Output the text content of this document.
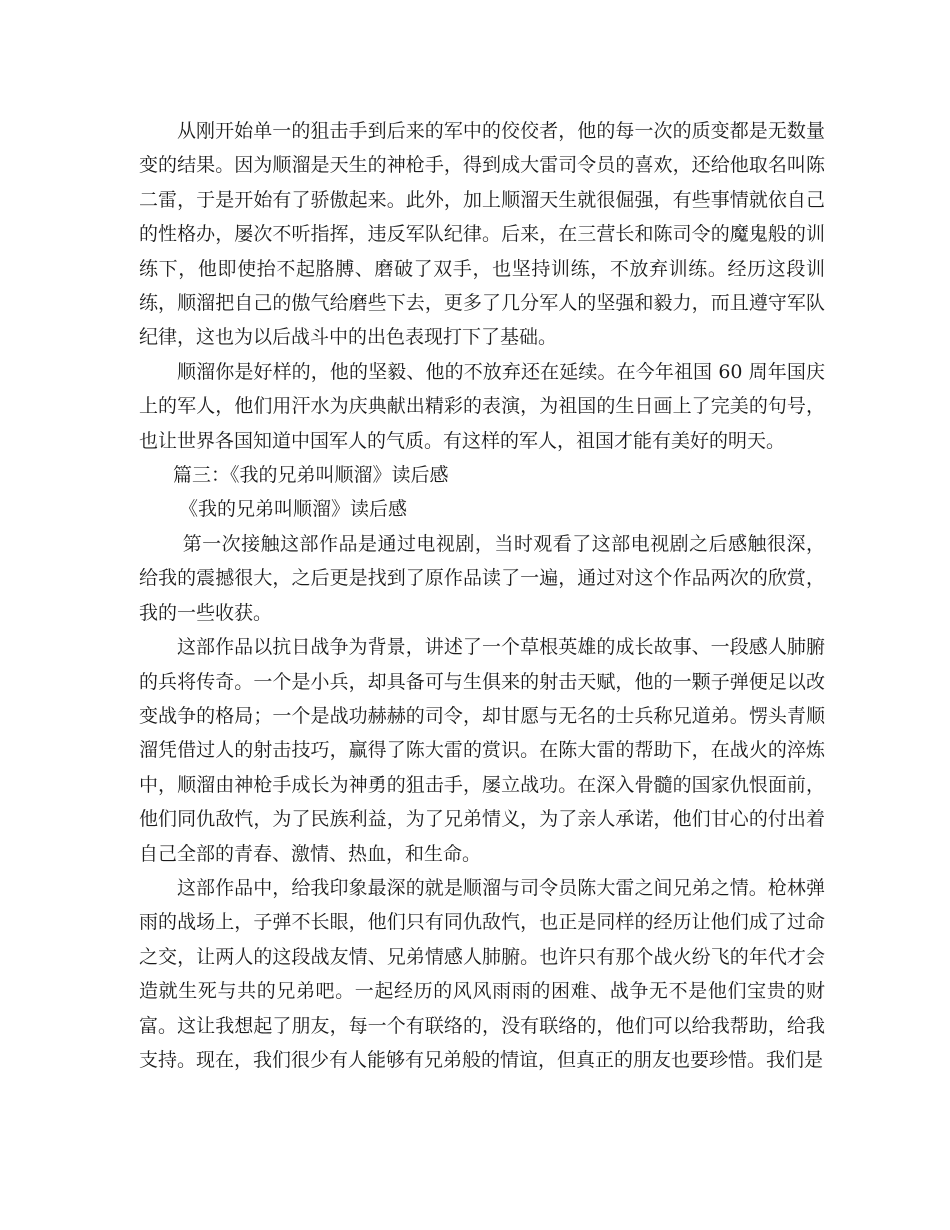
从刚开始单一的狙击手到后来的军中的佼佼者，他的每一次的质变都是无数量变的结果。因为顺溜是天生的神枪手，得到成大雷司令员的喜欢，还给他取名叫陈二雷，于是开始有了骄傲起来。此外，加上顺溜天生就很倔强，有些事情就依自己的性格办，屡次不听指挥，违反军队纪律。后来，在三营长和陈司令的魔鬼般的训练下，他即使抬不起胳膊、磨破了双手，也坚持训练，不放弃训练。经历这段训练，顺溜把自己的傲气给磨些下去，更多了几分军人的坚强和毅力，而且遵守军队纪律，这也为以后战斗中的出色表现打下了基础。

顺溜你是好样的，他的坚毅、他的不放弃还在延续。在今年祖国 60 周年国庆上的军人，他们用汗水为庆典献出精彩的表演，为祖国的生日画上了完美的句号，也让世界各国知道中国军人的气质。有这样的军人，祖国才能有美好的明天。

篇三：《我的兄弟叫顺溜》读后感

《我的兄弟叫顺溜》读后感

第一次接触这部作品是通过电视剧，当时观看了这部电视剧之后感触很深，给我的震撼很大，之后更是找到了原作品读了一遍，通过对这个作品两次的欣赏，我的一些收获。

这部作品以抗日战争为背景，讲述了一个草根英雄的成长故事、一段感人肺腑的兵将传奇。一个是小兵，却具备可与生俱来的射击天赋，他的一颗子弹便足以改变战争的格局；一个是战功赫赫的司令，却甘愿与无名的士兵称兄道弟。愣头青顺溜凭借过人的射击技巧，赢得了陈大雷的赏识。在陈大雷的帮助下，在战火的淬炼中，顺溜由神枪手成长为神勇的狙击手，屡立战功。在深入骨髓的国家仇恨面前，他们同仇敌忾，为了民族利益，为了兄弟情义，为了亲人承诺，他们甘心的付出着自己全部的青春、激情、热血，和生命。

这部作品中，给我印象最深的就是顺溜与司令员陈大雷之间兄弟之情。枪林弹雨的战场上，子弹不长眼，他们只有同仇敌忾，也正是同样的经历让他们成了过命之交，让两人的这段战友情、兄弟情感人肺腑。也许只有那个战火纷飞的年代才会造就生死与共的兄弟吧。一起经历的风风雨雨的困难、战争无不是他们宝贵的财富。这让我想起了朋友，每一个有联络的，没有联络的，他们可以给我帮助，给我支持。现在，我们很少有人能够有兄弟般的情谊，但真正的朋友也要珍惜。我们是
